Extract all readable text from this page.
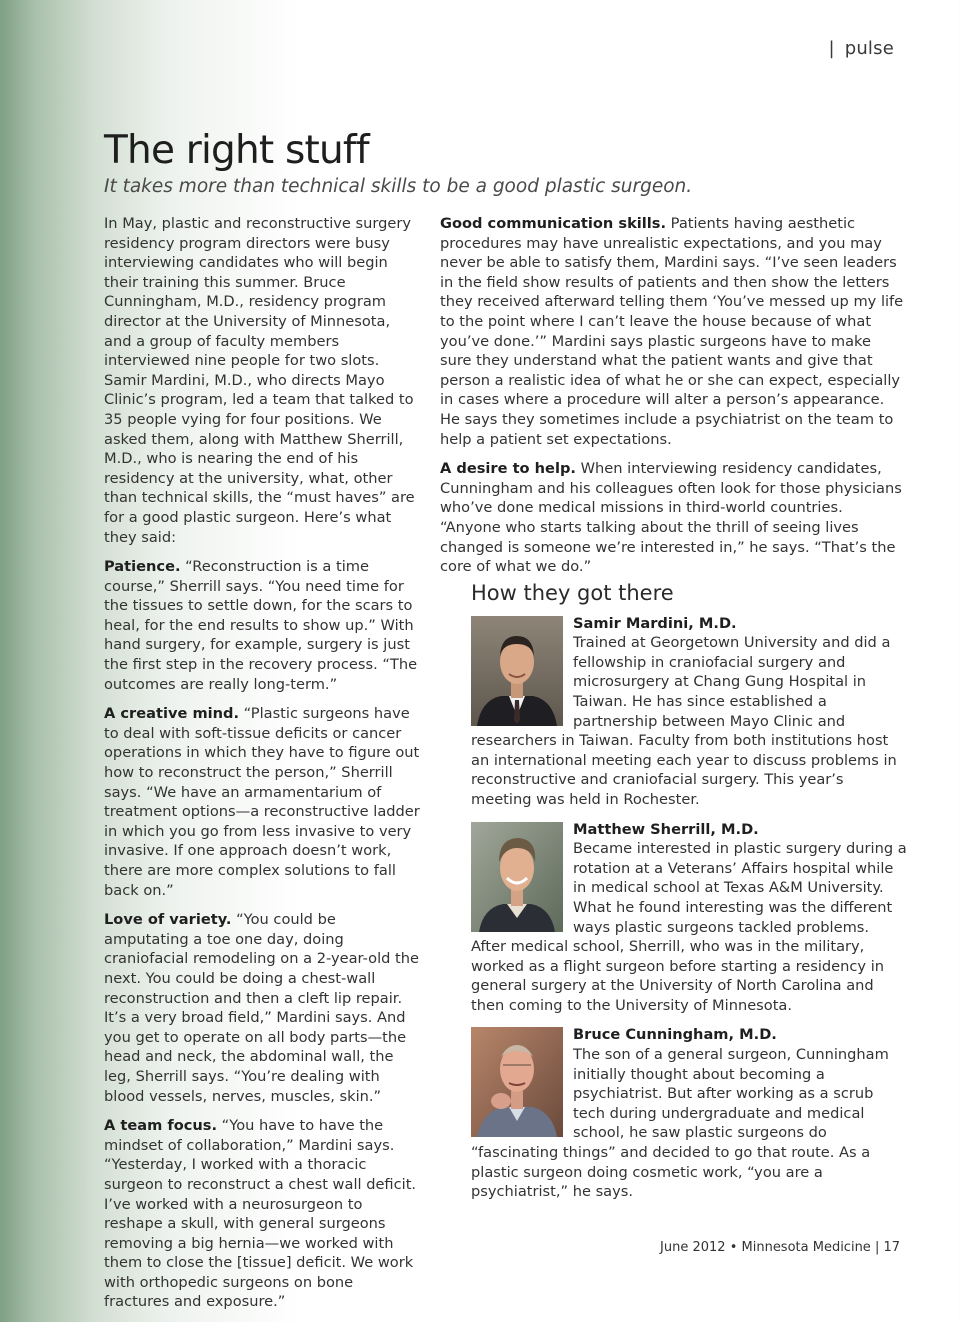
| pulse
The right stuff
It takes more than technical skills to be a good plastic surgeon.

In May, plastic and reconstructive surgery residency program directors were busy interviewing candidates who will begin their training this summer. Bruce Cunningham, M.D., residency program director at the University of Minnesota, and a group of faculty members interviewed nine people for two slots. Samir Mardini, M.D., who directs Mayo Clinic’s program, led a team that talked to 35 people vying for four positions. We asked them, along with Matthew Sherrill, M.D., who is nearing the end of his residency at the university, what, other than technical skills, the “must haves” are for a good plastic surgeon. Here’s what they said:

Patience. “Reconstruction is a time course,” Sherrill says. “You need time for the tissues to settle down, for the scars to heal, for the end results to show up.” With hand surgery, for example, surgery is just the first step in the recovery process. “The outcomes are really long-term.”

A creative mind. “Plastic surgeons have to deal with soft-tissue deficits or cancer operations in which they have to figure out how to reconstruct the person,” Sherrill says. “We have an armamentarium of treatment options—a reconstructive ladder in which you go from less invasive to very invasive. If one approach doesn’t work, there are more complex solutions to fall back on.”

Love of variety. “You could be amputating a toe one day, doing craniofacial remodeling on a 2-year-old the next. You could be doing a chest-wall reconstruction and then a cleft lip repair. It’s a very broad field,” Mardini says. And you get to operate on all body parts—the head and neck, the abdominal wall, the leg, Sherrill says. “You’re dealing with blood vessels, nerves, muscles, skin.”

A team focus. “You have to have the mindset of collaboration,” Mardini says. “Yesterday, I worked with a thoracic surgeon to reconstruct a chest wall deficit. I’ve worked with a neurosurgeon to reshape a skull, with general surgeons removing a big hernia—we worked with them to close the [tissue] deficit. We work with orthopedic surgeons on bone fractures and exposure.”

Good communication skills. Patients having aesthetic procedures may have unrealistic expectations, and you may never be able to satisfy them, Mardini says. “I’ve seen leaders in the field show results of patients and then show the letters they received afterward telling them ‘You’ve messed up my life to the point where I can’t leave the house because of what you’ve done.’” Mardini says plastic surgeons have to make sure they understand what the patient wants and give that person a realistic idea of what he or she can expect, especially in cases where a procedure will alter a person’s appearance. He says they sometimes include a psychiatrist on the team to help a patient set expectations.

A desire to help. When interviewing residency candidates, Cunningham and his colleagues often look for those physicians who’ve done medical missions in third-world countries. “Anyone who starts talking about the thrill of seeing lives changed is someone we’re interested in,” he says. “That’s the core of what we do.”

How they got there
Samir Mardini, M.D.
Trained at Georgetown University and did a fellowship in craniofacial surgery and microsurgery at Chang Gung Hospital in Taiwan. He has since established a partnership between Mayo Clinic and researchers in Taiwan. Faculty from both institutions host an international meeting each year to discuss problems in reconstructive and craniofacial surgery. This year’s meeting was held in Rochester.
Matthew Sherrill, M.D.
Became interested in plastic surgery during a rotation at a Veterans’ Affairs hospital while in medical school at Texas A&M University. What he found interesting was the different ways plastic surgeons tackled problems. After medical school, Sherrill, who was in the military, worked as a flight surgeon before starting a residency in general surgery at the University of North Carolina and then coming to the University of Minnesota.
Bruce Cunningham, M.D.
The son of a general surgeon, Cunningham initially thought about becoming a psychiatrist. But after working as a scrub tech during undergraduate and medical school, he saw plastic surgeons do “fascinating things” and decided to go that route. As a plastic surgeon doing cosmetic work, “you are a psychiatrist,” he says.
June 2012 • Minnesota Medicine | 17
